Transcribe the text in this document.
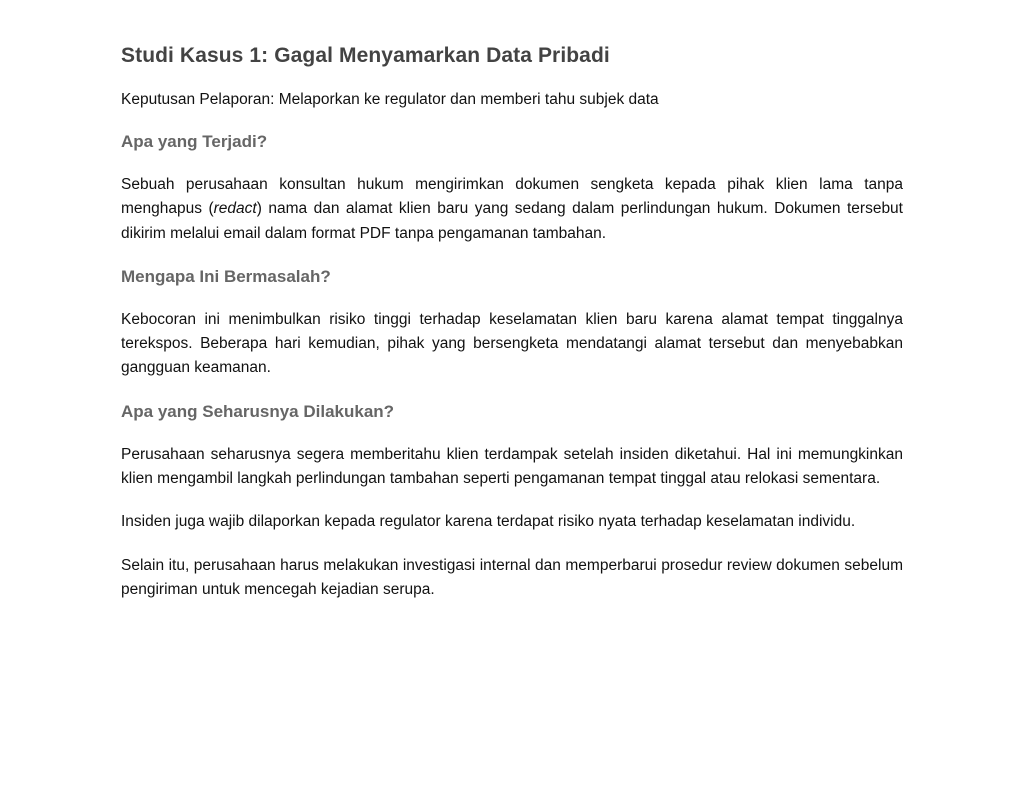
Studi Kasus 1: Gagal Menyamarkan Data Pribadi

Keputusan Pelaporan: Melaporkan ke regulator dan memberi tahu subjek data

Apa yang Terjadi?

Sebuah perusahaan konsultan hukum mengirimkan dokumen sengketa kepada pihak klien lama tanpa menghapus (redact) nama dan alamat klien baru yang sedang dalam perlindungan hukum. Dokumen tersebut dikirim melalui email dalam format PDF tanpa pengamanan tambahan.

Mengapa Ini Bermasalah?

Kebocoran ini menimbulkan risiko tinggi terhadap keselamatan klien baru karena alamat tempat tinggalnya terekspos. Beberapa hari kemudian, pihak yang bersengketa mendatangi alamat tersebut dan menyebabkan gangguan keamanan.

Apa yang Seharusnya Dilakukan?

Perusahaan seharusnya segera memberitahu klien terdampak setelah insiden diketahui. Hal ini memungkinkan klien mengambil langkah perlindungan tambahan seperti pengamanan tempat tinggal atau relokasi sementara.

Insiden juga wajib dilaporkan kepada regulator karena terdapat risiko nyata terhadap keselamatan individu.

Selain itu, perusahaan harus melakukan investigasi internal dan memperbarui prosedur review dokumen sebelum pengiriman untuk mencegah kejadian serupa.
